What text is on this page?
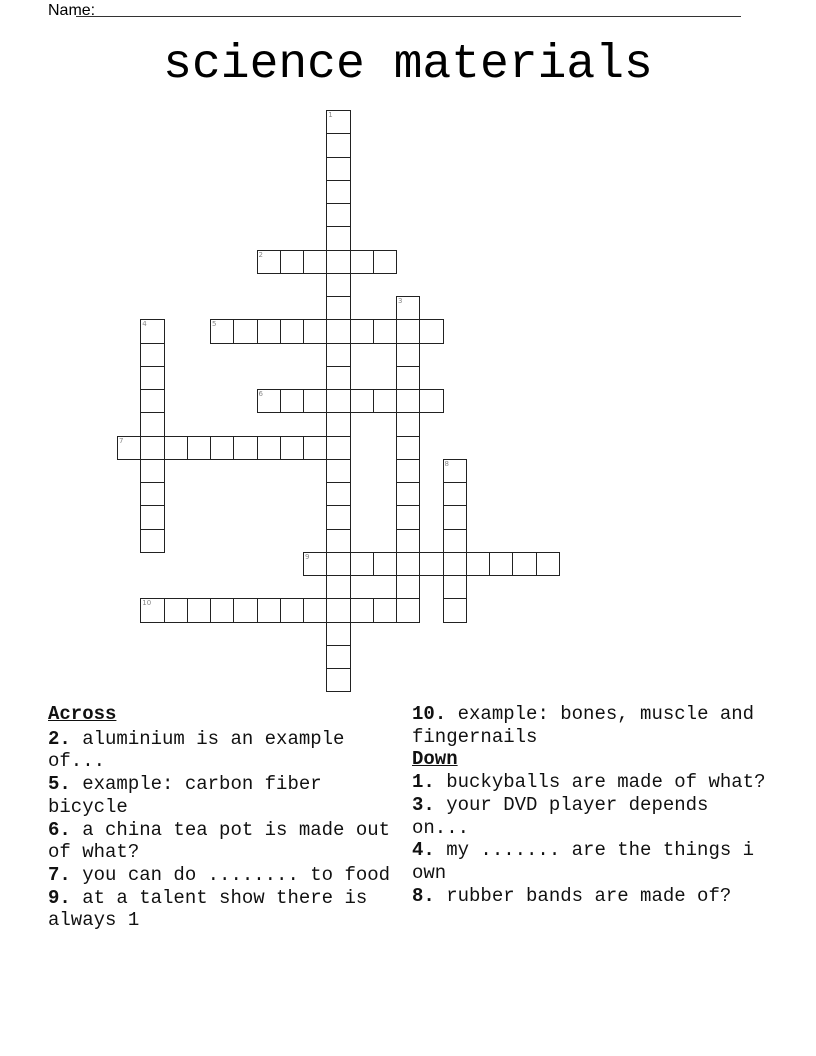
Name:
science materials
1
2
3
4	5
6
7
8
9
10
Across
2. aluminium is an example of...
5. example: carbon fiber bicycle
6. a china tea pot is made out of what?
7. you can do ........ to food
9. at a talent show there is always 1
10. example: bones, muscle and fingernails
Down
1. buckyballs are made of what?
3. your DVD player depends on...
4. my ....... are the things i own
8. rubber bands are made of?
